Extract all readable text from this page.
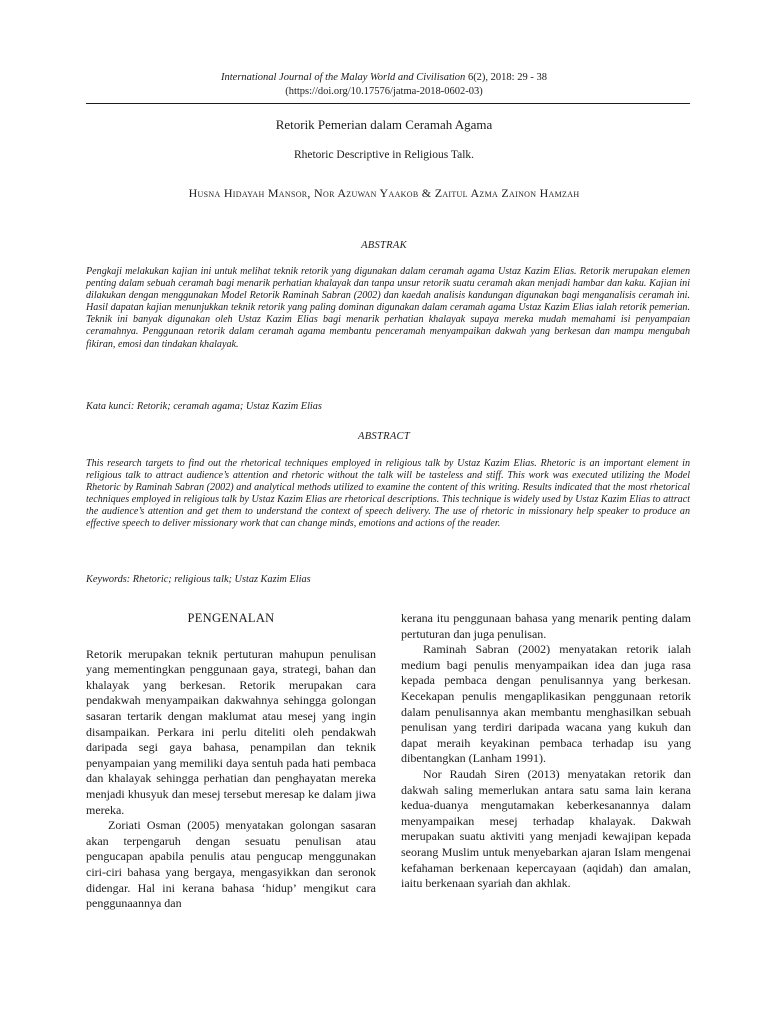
International Journal of the Malay World and Civilisation 6(2), 2018: 29 - 38
(https://doi.org/10.17576/jatma-2018-0602-03)
Retorik Pemerian dalam Ceramah Agama
Rhetoric Descriptive in Religious Talk.
Husna Hidayah Mansor, Nor Azuwan Yaakob & Zaitul Azma Zainon Hamzah
ABSTRAK

Pengkaji melakukan kajian ini untuk melihat teknik retorik yang digunakan dalam ceramah agama Ustaz Kazim Elias. Retorik merupakan elemen penting dalam sebuah ceramah bagi menarik perhatian khalayak dan tanpa unsur retorik suatu ceramah akan menjadi hambar dan kaku. Kajian ini dilakukan dengan menggunakan Model Retorik Raminah Sabran (2002) dan kaedah analisis kandungan digunakan bagi menganalisis ceramah ini. Hasil dapatan kajian menunjukkan teknik retorik yang paling dominan digunakan dalam ceramah agama Ustaz Kazim Elias ialah retorik pemerian. Teknik ini banyak digunakan oleh Ustaz Kazim Elias bagi menarik perhatian khalayak supaya mereka mudah memahami isi penyampaian ceramahnya. Penggunaan retorik dalam ceramah agama membantu penceramah menyampaikan dakwah yang berkesan dan mampu mengubah fikiran, emosi dan tindakan khalayak.

Kata kunci: Retorik; ceramah agama; Ustaz Kazim Elias

ABSTRACT

This research targets to find out the rhetorical techniques employed in religious talk by Ustaz Kazim Elias. Rhetoric is an important element in religious talk to attract audience’s attention and rhetoric without the talk will be tasteless and stiff. This work was executed utilizing the Model Rhetoric by Raminah Sabran (2002) and analytical methods utilized to examine the content of this writing. Results indicated that the most rhetorical techniques employed in religious talk by Ustaz Kazim Elias are rhetorical descriptions. This technique is widely used by Ustaz Kazim Elias to attract the audience’s attention and get them to understand the context of speech delivery. The use of rhetoric in missionary help speaker to produce an effective speech to deliver missionary work that can change minds, emotions and actions of the reader.

Keywords: Rhetoric; religious talk; Ustaz Kazim Elias

PENGENALAN

Retorik merupakan teknik pertuturan mahupun penulisan yang mementingkan penggunaan gaya, strategi, bahan dan khalayak yang berkesan. Retorik merupakan cara pendakwah menyampaikan dakwahnya sehingga golongan sasaran tertarik dengan maklumat atau mesej yang ingin disampaikan. Perkara ini perlu diteliti oleh pendakwah daripada segi gaya bahasa, penampilan dan teknik penyampaian yang memiliki daya sentuh pada hati pembaca dan khalayak sehingga perhatian dan penghayatan mereka menjadi khusyuk dan mesej tersebut meresap ke dalam jiwa mereka.

Zoriati Osman (2005) menyatakan golongan sasaran akan terpengaruh dengan sesuatu penulisan atau pengucapan apabila penulis atau pengucap menggunakan ciri-ciri bahasa yang bergaya, mengasyikkan dan seronok didengar. Hal ini kerana bahasa ‘hidup’ mengikut cara penggunaannya dan

kerana itu penggunaan bahasa yang menarik penting dalam pertuturan dan juga penulisan.

Raminah Sabran (2002) menyatakan retorik ialah medium bagi penulis menyampaikan idea dan juga rasa kepada pembaca dengan penulisannya yang berkesan. Kecekapan penulis mengaplikasikan penggunaan retorik dalam penulisannya akan membantu menghasilkan sebuah penulisan yang terdiri daripada wacana yang kukuh dan dapat meraih keyakinan pembaca terhadap isu yang dibentangkan (Lanham 1991).

Nor Raudah Siren (2013) menyatakan retorik dan dakwah saling memerlukan antara satu sama lain kerana kedua-duanya mengutamakan keberkesanannya dalam menyampaikan mesej terhadap khalayak. Dakwah merupakan suatu aktiviti yang menjadi kewajipan kepada seorang Muslim untuk menyebarkan ajaran Islam mengenai kefahaman berkenaan kepercayaan (aqidah) dan amalan, iaitu berkenaan syariah dan akhlak.
